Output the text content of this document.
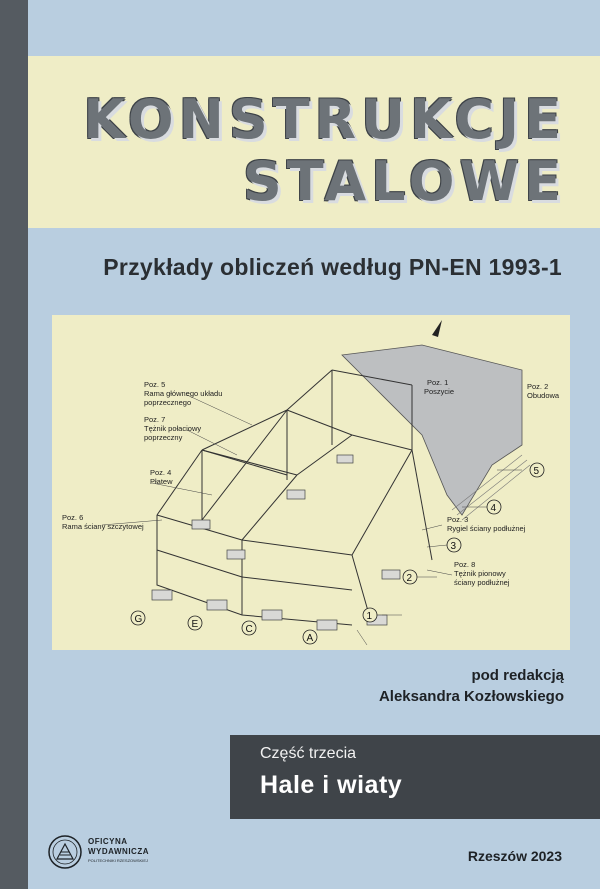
KONSTRUKCJE
STALOWE
Przykłady obliczeń według PN-EN 1993-1
Poz. 5
Rama głównego układu
poprzecznego
Poz. 7
Tężnik połaciowy
poprzeczny
Poz. 4
Płatew
Poz. 6
Rama ściany szczytowej
Poz. 1
Poszycie
Poz. 2
Obudowa
Poz. 3
Rygiel ściany podłużnej
Poz. 8
Tężnik pionowy
ściany podłużnej
1
2
3
4
5
A
C
E
G
pod redakcją
Aleksandra Kozłowskiego
Część trzecia
Hale i wiaty
OFICYNA
WYDAWNICZA
POLITECHNIKI RZESZOWSKIEJ	Rzeszów 2023
